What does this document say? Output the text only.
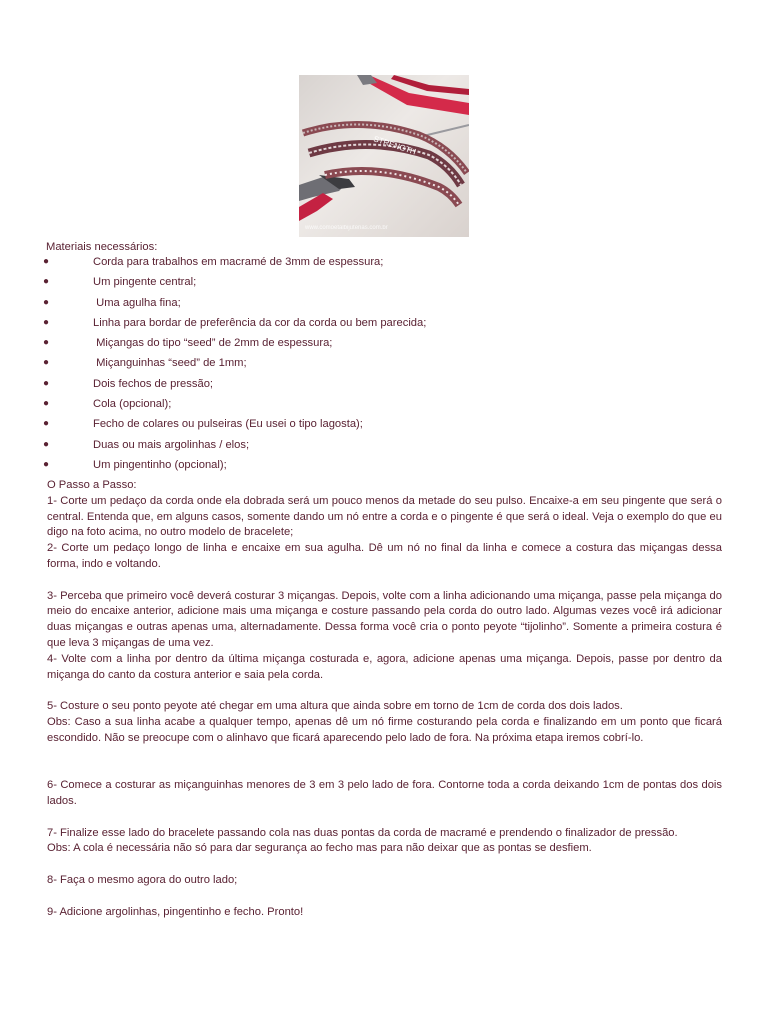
STRENGTH
www.comoetalbijuterias.com.br

Materiais necessários:

●	Corda para trabalhos em macramé de 3mm de espessura;
●	Um pingente central;
●	Uma agulha fina;
●	Linha para bordar de preferência da cor da corda ou bem parecida;
●	Miçangas do tipo “seed” de 2mm de espessura;
●	Miçanguinhas “seed” de 1mm;
●	Dois fechos de pressão;
●	Cola (opcional);
●	Fecho de colares ou pulseiras (Eu usei o tipo lagosta);
●	Duas ou mais argolinhas / elos;
●	Um pingentinho (opcional);

O Passo a Passo:

1- Corte um pedaço da corda onde ela dobrada será um pouco menos da metade do seu pulso. Encaixe-a em seu pingente que será o central. Entenda que, em alguns casos, somente dando um nó entre a corda e o pingente é que será o ideal. Veja o exemplo do que eu digo na foto acima, no outro modelo de bracelete;

2- Corte um pedaço longo de linha e encaixe em sua agulha. Dê um nó no final da linha e comece a costura das miçangas dessa forma, indo e voltando.

3- Perceba que primeiro você deverá costurar 3 miçangas. Depois, volte com a linha adicionando uma miçanga, passe pela miçanga do meio do encaixe anterior, adicione mais uma miçanga e costure passando pela corda do outro lado. Algumas vezes você irá adicionar duas miçangas e outras apenas uma, alternadamente. Dessa forma você cria o ponto peyote “tijolinho”. Somente a primeira costura é que leva 3 miçangas de uma vez.

4- Volte com a linha por dentro da última miçanga costurada e, agora, adicione apenas uma miçanga. Depois, passe por dentro da miçanga do canto da costura anterior e saia pela corda.

5- Costure o seu ponto peyote até chegar em uma altura que ainda sobre em torno de 1cm de corda dos dois lados.

Obs: Caso a sua linha acabe a qualquer tempo, apenas dê um nó firme costurando pela corda e finalizando em um ponto que ficará escondido. Não se preocupe com o alinhavo que ficará aparecendo pelo lado de fora. Na próxima etapa iremos cobrí-lo.

6- Comece a costurar as miçanguinhas menores de 3 em 3 pelo lado de fora. Contorne toda a corda deixando 1cm de pontas dos dois lados.

7- Finalize esse lado do bracelete passando cola nas duas pontas da corda de macramé e prendendo o finalizador de pressão.

Obs: A cola é necessária não só para dar segurança ao fecho mas para não deixar que as pontas se desfiem.

8- Faça o mesmo agora do outro lado;

9- Adicione argolinhas, pingentinho e fecho. Pronto!
